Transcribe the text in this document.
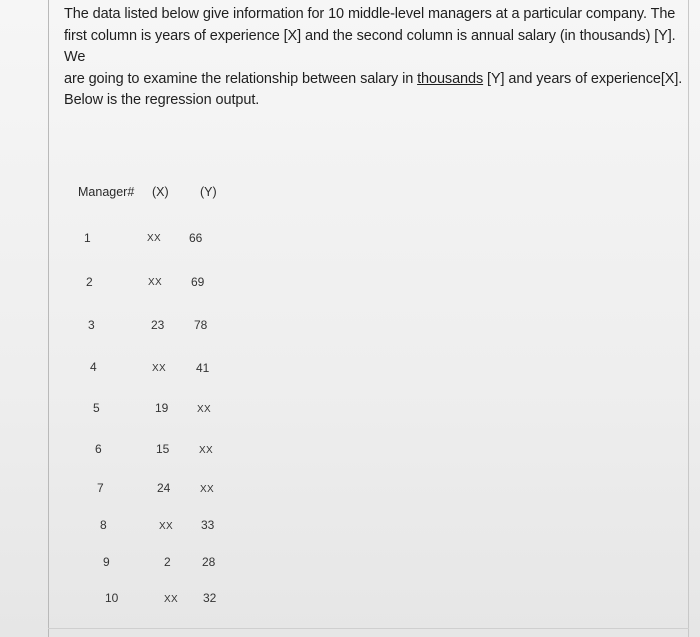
The data listed below give information for 10 middle-level managers at a particular company. The
first column is years of experience [X] and the second column is annual salary (in thousands) [Y]. We
are going to examine the relationship between salary in thousands [Y] and years of experience[X].
Below is the regression output.
Manager# (X)	(Y)
1	XX 66
2	XX 69
3	23 78
4	XX	41
5	19	XX
6	15	XX
7	24	XX
8	XX 33
9	2	28
10	XX 32
